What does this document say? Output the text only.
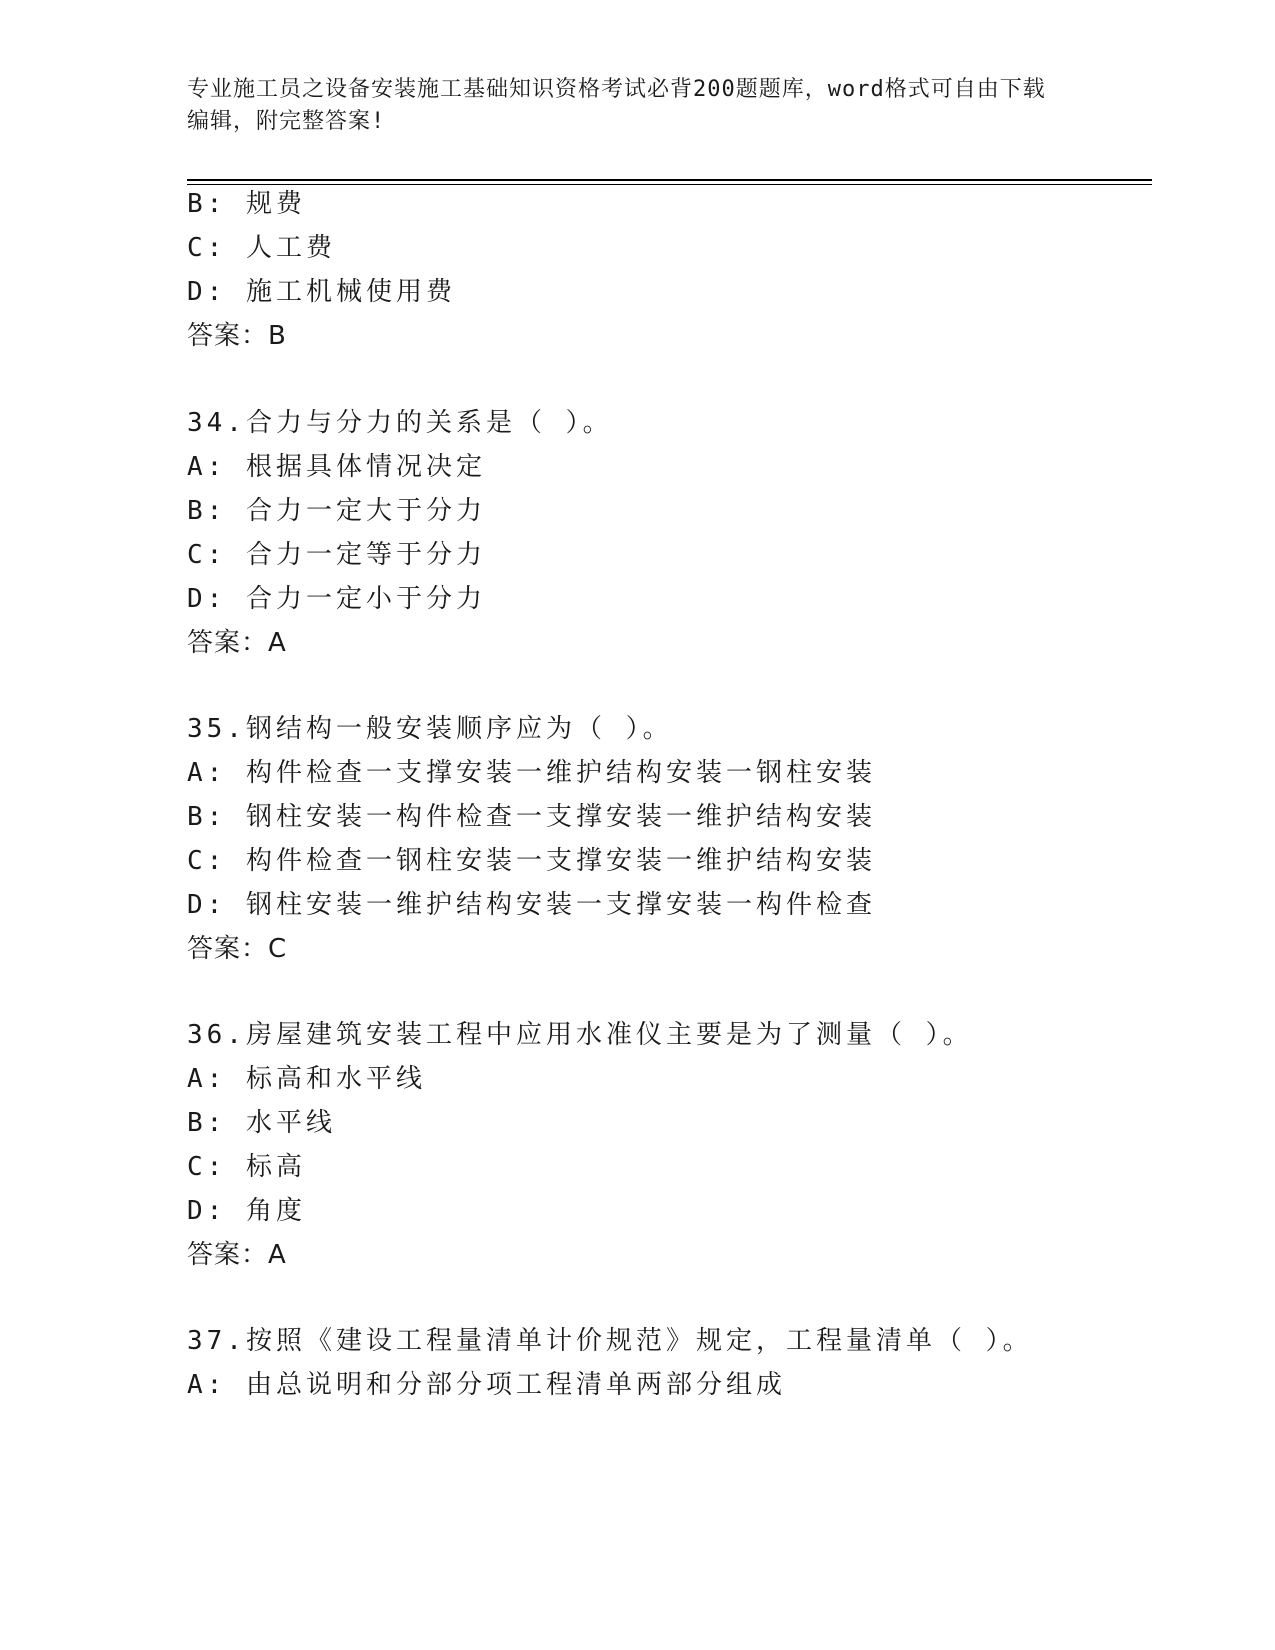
专业施工员之设备安装施工基础知识资格考试必背200题题库，word格式可自由下载编辑，附完整答案!
B: 规费
C: 人工费
D: 施工机械使用费
答案：B
34.合力与分力的关系是（ ）。
A: 根据具体情况决定
B: 合力一定大于分力
C: 合力一定等于分力
D: 合力一定小于分力
答案：A
35.钢结构一般安装顺序应为（ ）。
A: 构件检查一支撑安装一维护结构安装一钢柱安装
B: 钢柱安装一构件检查一支撑安装一维护结构安装
C: 构件检查一钢柱安装一支撑安装一维护结构安装
D: 钢柱安装一维护结构安装一支撑安装一构件检查
答案：C
36.房屋建筑安装工程中应用水准仪主要是为了测量（ ）。
A: 标高和水平线
B: 水平线
C: 标高
D: 角度
答案：A
37.按照《建设工程量清单计价规范》规定，工程量清单（ ）。
A: 由总说明和分部分项工程清单两部分组成
